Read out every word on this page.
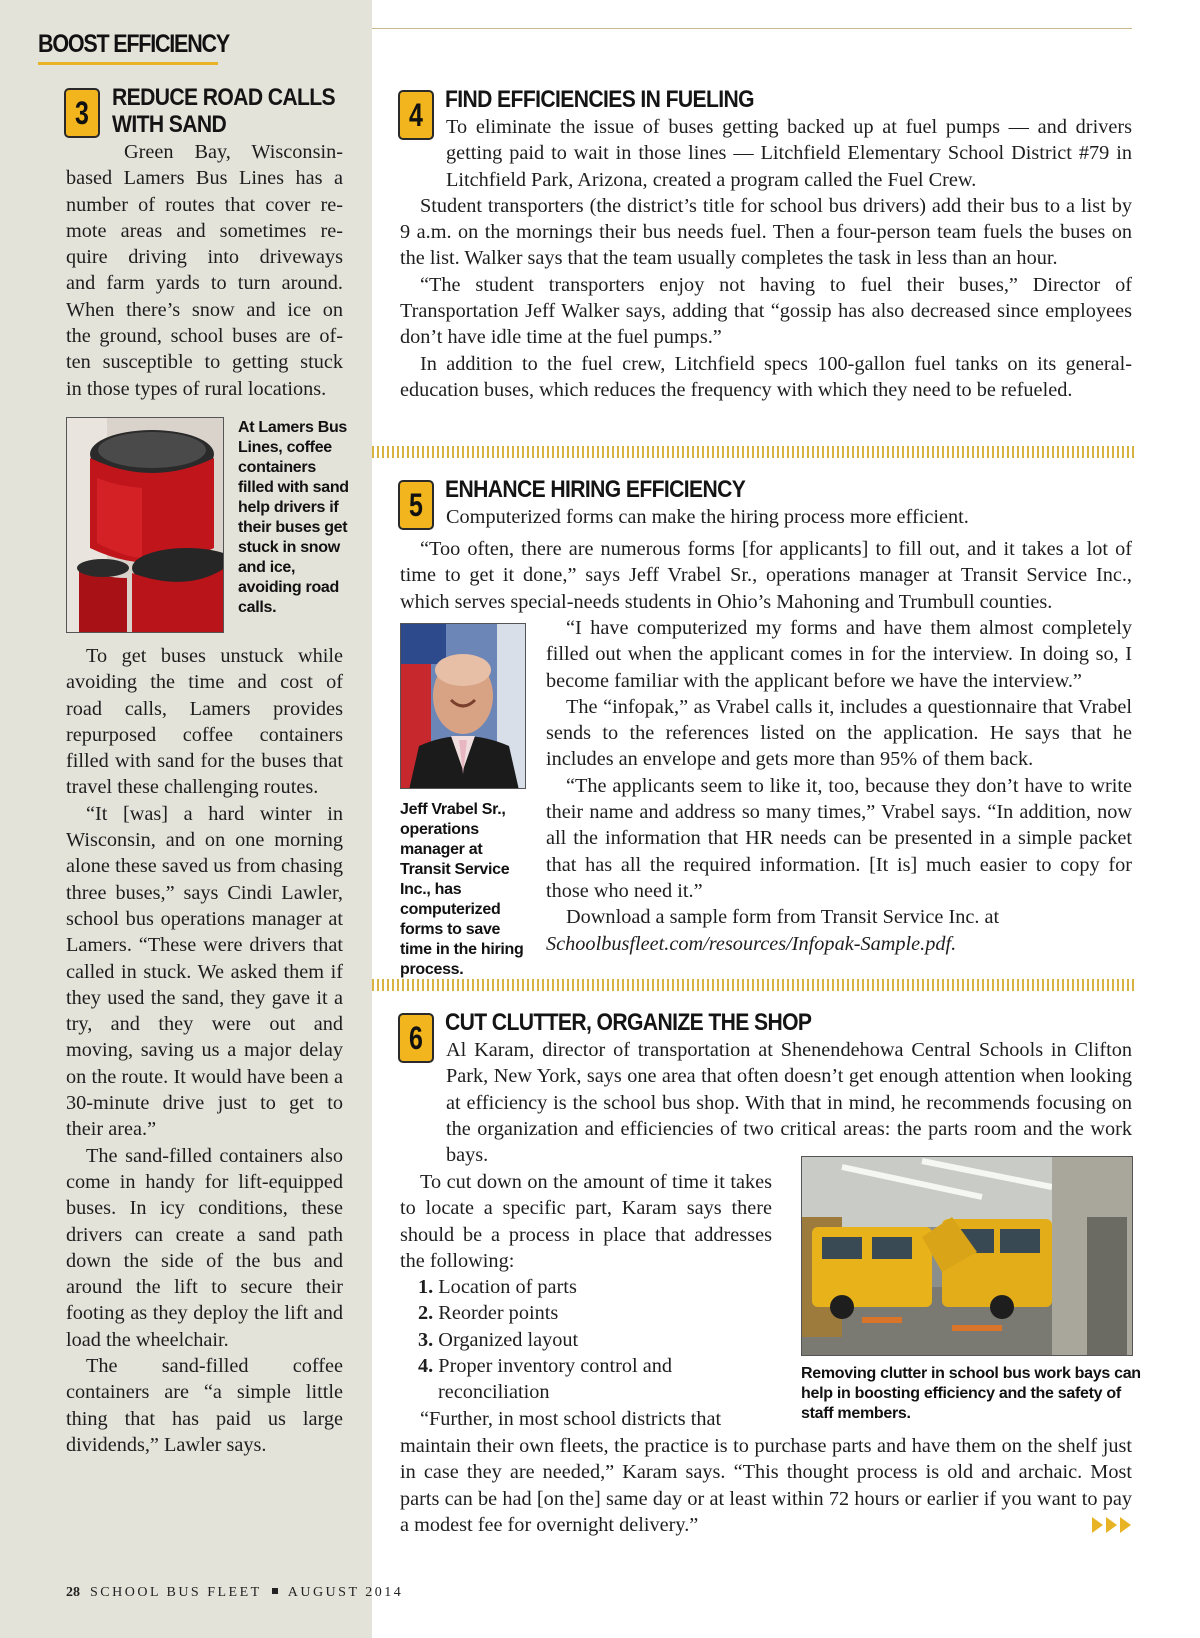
BOOST EFFICIENCY
3 REDUCE ROAD CALLS
WITH SAND

Green Bay, Wisconsin-

based Lamers Bus Lines has a

number of routes that cover re-

mote areas and sometimes re-

quire driving into driveways

and farm yards to turn around.

When there’s snow and ice on

the ground, school buses are of-

ten susceptible to getting stuck

in those types of rural locations.

At Lamers Bus Lines, coffee containers filled with sand help drivers if their buses get stuck in snow and ice, avoiding road calls.

To get buses unstuck while avoiding the time and cost of road calls, Lamers provides repurposed coffee containers filled with sand for the buses that travel these challenging routes.

“It [was] a hard winter in Wisconsin, and on one morning alone these saved us from chasing three buses,” says Cindi Lawler, school bus operations manager at Lamers. “These were drivers that called in stuck. We asked them if they used the sand, they gave it a try, and they were out and moving, saving us a major delay on the route. It would have been a 30-minute drive just to get to their area.”

The sand-filled containers also come in handy for lift-equipped buses. In icy conditions, these drivers can create a sand path down the side of the bus and around the lift to secure their footing as they deploy the lift and load the wheelchair.

The sand-filled coffee containers are “a simple little thing that has paid us large dividends,” Lawler says.

4 FIND EFFICIENCIES IN FUELING

To eliminate the issue of buses getting backed up at fuel pumps — and drivers getting paid to wait in those lines — Litchfield Elementary School District #79 in Litchfield Park, Arizona, created a program called the Fuel Crew.

Student transporters (the district’s title for school bus drivers) add their bus to a list by 9 a.m. on the mornings their bus needs fuel. Then a four-person team fuels the buses on the list. Walker says that the team usually completes the task in less than an hour.

“The student transporters enjoy not having to fuel their buses,” Director of Transportation Jeff Walker says, adding that “gossip has also decreased since employees don’t have idle time at the fuel pumps.”

In addition to the fuel crew, Litchfield specs 100-gallon fuel tanks on its general-education buses, which reduces the frequency with which they need to be refueled.

5 ENHANCE HIRING EFFICIENCY
Computerized forms can make the hiring process more efficient.

“Too often, there are numerous forms [for applicants] to fill out, and it takes a lot of time to get it done,” says Jeff Vrabel Sr., operations manager at Transit Service Inc., which serves special-needs students in Ohio’s Mahoning and Trumbull counties.

Jeff Vrabel Sr., operations manager at Transit Service Inc., has computerized forms to save time in the hiring process.

“I have computerized my forms and have them almost completely filled out when the applicant comes in for the interview. In doing so, I become familiar with the applicant before we have the interview.”

The “infopak,” as Vrabel calls it, includes a questionnaire that Vrabel sends to the references listed on the application. He says that he includes an envelope and gets more than 95% of them back.

“The applicants seem to like it, too, because they don’t have to write their name and address so many times,” Vrabel says. “In addition, now all the information that HR needs can be presented in a simple packet that has all the required information. [It is] much easier to copy for those who need it.”

Download a sample form from Transit Service Inc. at Schoolbusfleet.com/resources/Infopak-Sample.pdf.

6 CUT CLUTTER, ORGANIZE THE SHOP

Al Karam, director of transportation at Shenendehowa Central Schools in Clifton Park, New York, says one area that often doesn’t get enough attention when looking at efficiency is the school bus shop. With that in mind, he recommends focusing on the organization and efficiencies of two critical areas: the parts room and the work bays.

Removing clutter in school bus work bays can help in boosting efficiency and the safety of staff members.

To cut down on the amount of time it takes to locate a specific part, Karam says there should be a process in place that addresses the following:

1. Location of parts
2. Reorder points
3. Organized layout
4. Proper inventory control and
reconciliation

“Further, in most school districts that

maintain their own fleets, the practice is to purchase parts and have them on the shelf just in case they are needed,” Karam says. “This thought process is old and archaic. Most parts can be had [on the] same day or at least within 72 hours or earlier if you want to pay a modest fee for overnight delivery.”

28 SCHOOL BUS FLEET AUGUST 2014
